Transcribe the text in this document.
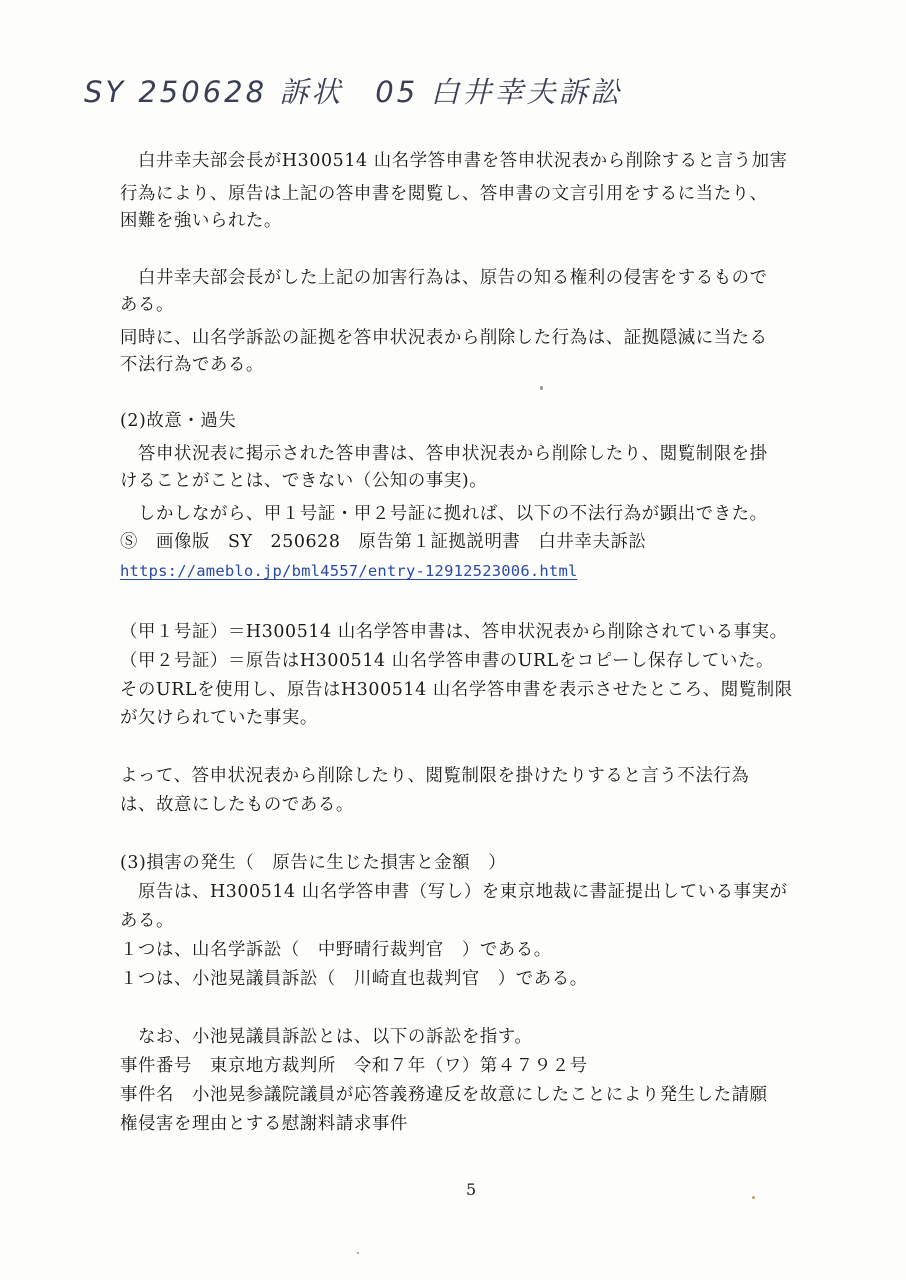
SY 250628 訴状　05 白井幸夫訴訟
　白井幸夫部会長がH300514 山名学答申書を答申状況表から削除すると言う加害
行為により、原告は上記の答申書を閲覧し、答申書の文言引用をするに当たり、
困難を強いられた。
　白井幸夫部会長がした上記の加害行為は、原告の知る権利の侵害をするもので
ある。
同時に、山名学訴訟の証拠を答申状況表から削除した行為は、証拠隠滅に当たる
不法行為である。
(2)故意・過失
　答申状況表に掲示された答申書は、答申状況表から削除したり、閲覧制限を掛
けることがことは、できない（公知の事実)。
　しかしながら、甲１号証・甲２号証に拠れば、以下の不法行為が顕出できた。
Ⓢ　画像版　SY　250628　原告第１証拠説明書　白井幸夫訴訟
https://ameblo.jp/bml4557/entry-12912523006.html
（甲１号証）＝H300514 山名学答申書は、答申状況表から削除されている事実。
（甲２号証）＝原告はH300514 山名学答申書のURLをコピーし保存していた。
そのURLを使用し、原告はH300514 山名学答申書を表示させたところ、閲覧制限
が欠けられていた事実。
よって、答申状況表から削除したり、閲覧制限を掛けたりすると言う不法行為
は、故意にしたものである。
(3)損害の発生（　原告に生じた損害と金額　）
　原告は、H300514 山名学答申書（写し）を東京地裁に書証提出している事実が
ある。
１つは、山名学訴訟（　中野晴行裁判官　）である。
１つは、小池晃議員訴訟（　川崎直也裁判官　）である。
　なお、小池晃議員訴訟とは、以下の訴訟を指す。
事件番号　東京地方裁判所　令和７年（ワ）第４７９２号
事件名　小池晃参議院議員が応答義務違反を故意にしたことにより発生した請願
権侵害を理由とする慰謝料請求事件
5
